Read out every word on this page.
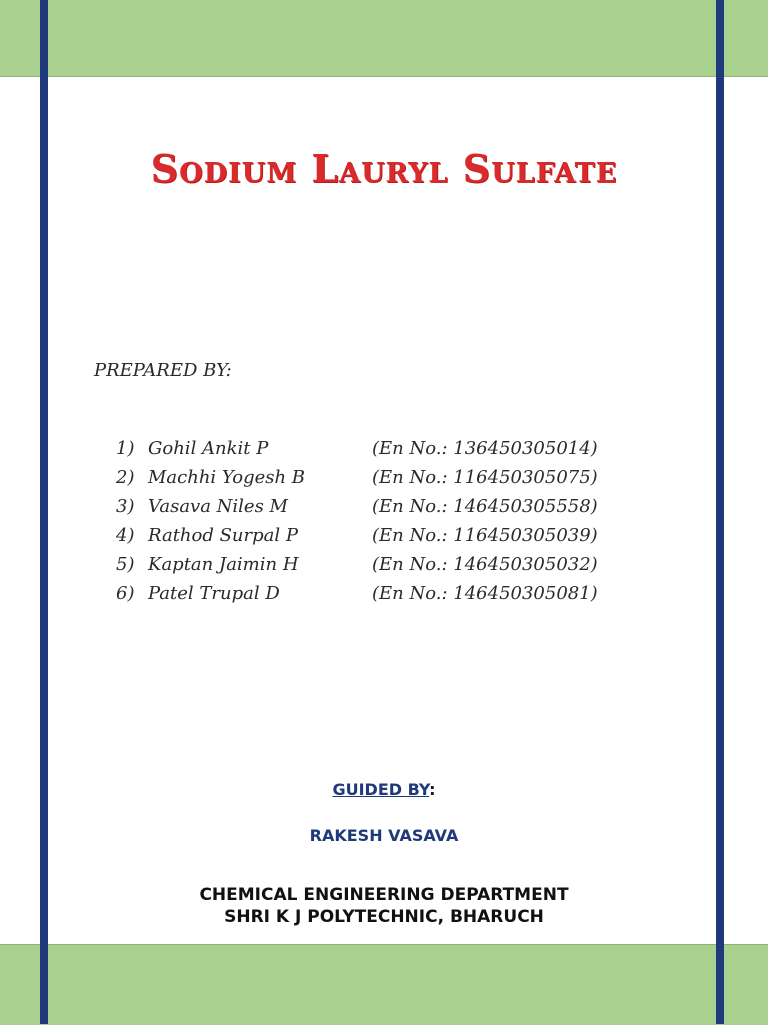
Sodium Lauryl Sulfate
PREPARED BY:
1) Gohil Ankit P	(En No.: 136450305014)
2) Machhi Yogesh B	(En No.: 116450305075)
3) Vasava Niles M	(En No.: 146450305558)
4) Rathod Surpal P	(En No.: 116450305039)
5) Kaptan Jaimin H	(En No.: 146450305032)
6) Patel Trupal D	(En No.: 146450305081)
GUIDED BY:
RAKESH VASAVA
CHEMICAL ENGINEERING DEPARTMENT
SHRI K J POLYTECHNIC, BHARUCH
